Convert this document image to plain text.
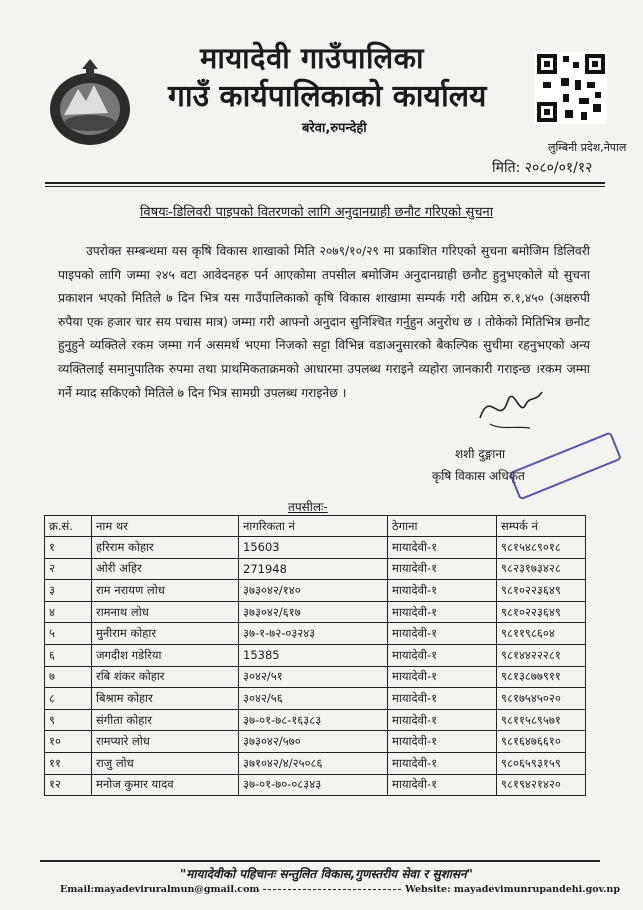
मायादेवी गाउँपालिका
गाउँ कार्यपालिकाको कार्यालय
बरेवा,रुपन्देही
लुम्बिनी प्रदेश,नेपाल
मिति: २०८०/०१/१२
विषयः-डिलिवरी पाइपको वितरणको लागि अनुदानग्राही छनौट गरिएको सुचना

उपरोक्त सम्बन्धमा यस कृषि विकास शाखाको मिति २०७९/१०/२९ मा प्रकाशित गरिएको सुचना बमोजिम डिलिवरी पाइपको लागि जम्मा २४५ वटा आवेदनहरु पर्न आएकोमा तपसील बमोजिम अनुदानग्राही छनौट हुनुभएकोले यो सुचना प्रकाशन भएको मितिले ७ दिन भित्र यस गाउँपालिकाको कृषि विकास शाखामा सम्पर्क गरी अग्रिम रु.१,४५० (अक्षरुपी रुपैया एक हजार चार सय पचास मात्र) जम्मा गरी आफ्नो अनुदान सुनिश्चित गर्नुहुन अनुरोध छ । तोकेको मितिभित्र छनौट हुनुहुने व्यक्तिले रकम जम्मा गर्न असमर्थ भएमा निजको सट्टा विभिन्न वडाअनुसारको बैकल्पिक सुचीमा रहनुभएको अन्य व्यक्तिलाई समानुपातिक रुपमा तथा प्राथमिकताक्रमको आधारमा उपलब्ध गराइने व्यहोरा जानकारी गराइन्छ ।रकम जम्मा गर्ने म्याद सकिएको मितिले ७ दिन भित्र सामग्री उपलब्ध गराइनेछ ।

शशी दुङ्गाना
कृषि विकास अधिकृत
तपसीलः-
क्र.सं.	नाम थर	नागरिकता नं	ठेगाना	सम्पर्क नं
१	हरिराम कोहार	15603	मायादेवी-१	९८१५४८९०१८
२	ओरी अहिर	271948	मायादेवी-१	९८२३१७३४२८
३	राम नरायण लोध	३७३०४२/१४०	मायादेवी-१	९८१०२२३६४९
४	रामनाथ लोध	३७३०४२/६१७	मायादेवी-१	९८१०२२३६४९
५	मुनीराम कोहार	३७-१-७२-०३२४३	मायादेवी-१	९८११९८६०४
६	जगदीश गडेरिया	15385	मायादेवी-१	९८१४४२२२८१
७	रबि शंकर कोहार	३०४२/५१	मायादेवी-१	९८१३८७७९११
८	बिश्राम कोहार	३०४२/५६	मायादेवी-१	९८१७५४५०२०
९	संगीता कोहार	३७-०१-७८-१६३८३	मायादेवी-१	९८११५८९५७१
१०	रामप्यारे लोध	३७३०४२/५७०	मायादेवी-१	९८१६४७६६१०
११	राजु लोध	३७१०४२/४/२५०८६	मायादेवी-१	९८०६५९३१५९
१२	मनोज कुमार यादव	३७-०१-७०-०८३४३	मायादेवी-१	९८१९४२१४२०
"मायादेवीको पहिचानः सन्तुलित विकास,गुणस्तरीय सेवा र सुशासन"
Email:mayadeviruralmun@gmail.com	Website: mayadevimunrupandehi.gov.np
